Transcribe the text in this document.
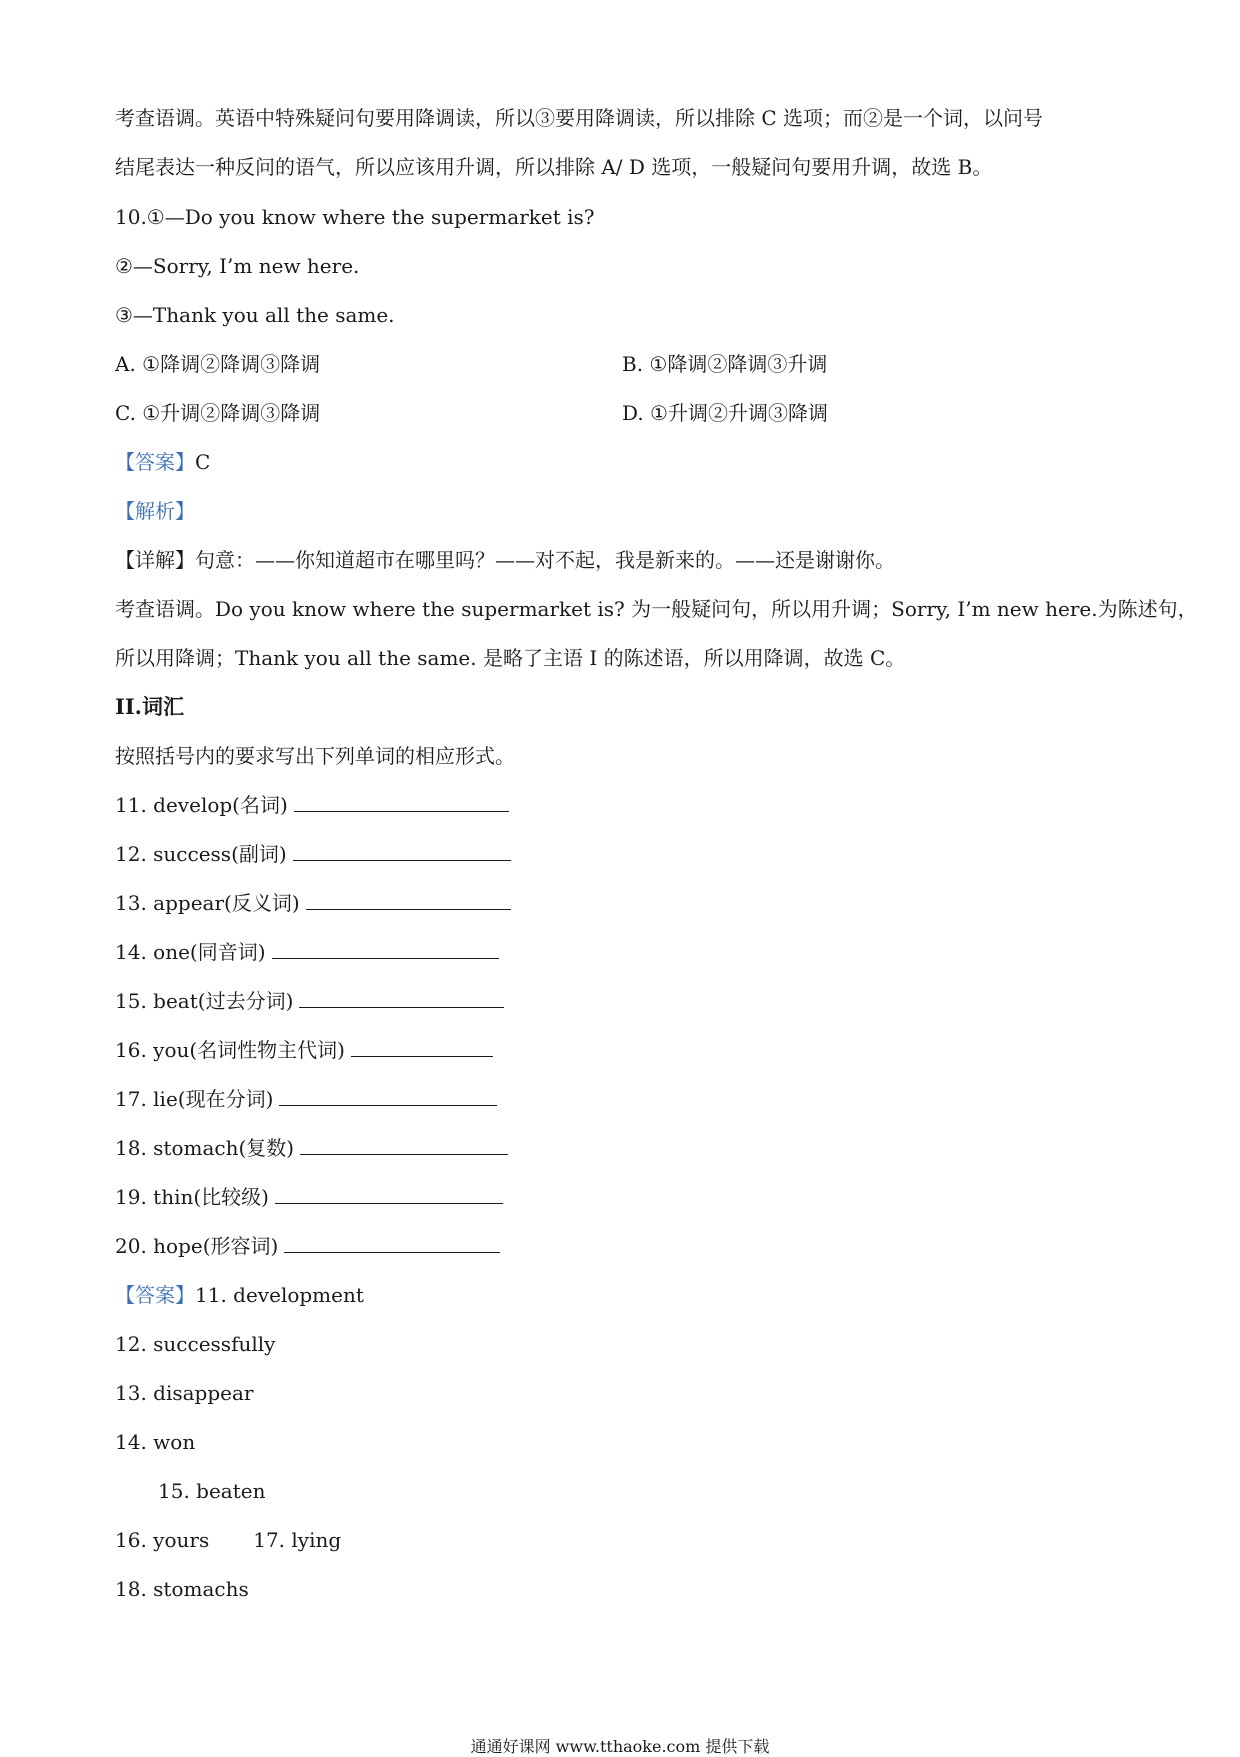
考查语调。英语中特殊疑问句要用降调读，所以③要用降调读，所以排除 C 选项；而②是一个词，以问号
结尾表达一种反问的语气，所以应该用升调，所以排除 A/ D 选项，一般疑问句要用升调，故选 B。
10.①—Do you know where the supermarket is?
②—Sorry, I’m new here.
③—Thank you all the same.
A. ①降调②降调③降调	B. ①降调②降调③升调
C. ①升调②降调③降调	D. ①升调②升调③降调
【答案】C
【解析】
【详解】句意：——你知道超市在哪里吗？——对不起，我是新来的。——还是谢谢你。
考查语调。Do you know where the supermarket is? 为一般疑问句，所以用升调；Sorry, I’m new here.为陈述句，
所以用降调；Thank you all the same. 是略了主语 I 的陈述语，所以用降调，故选 C。
II.词汇
按照括号内的要求写出下列单词的相应形式。
11. develop(名词)
12. success(副词)
13. appear(反义词)
14. one(同音词)
15. beat(过去分词)
16. you(名词性物主代词)
17. lie(现在分词)
18. stomach(复数)
19. thin(比较级)
20. hope(形容词)
【答案】11. development
12. successfully
13. disappear
14. won
15. beaten
16. yours 17. lying
18. stomachs
通通好课网 www.tthaoke.com 提供下载
